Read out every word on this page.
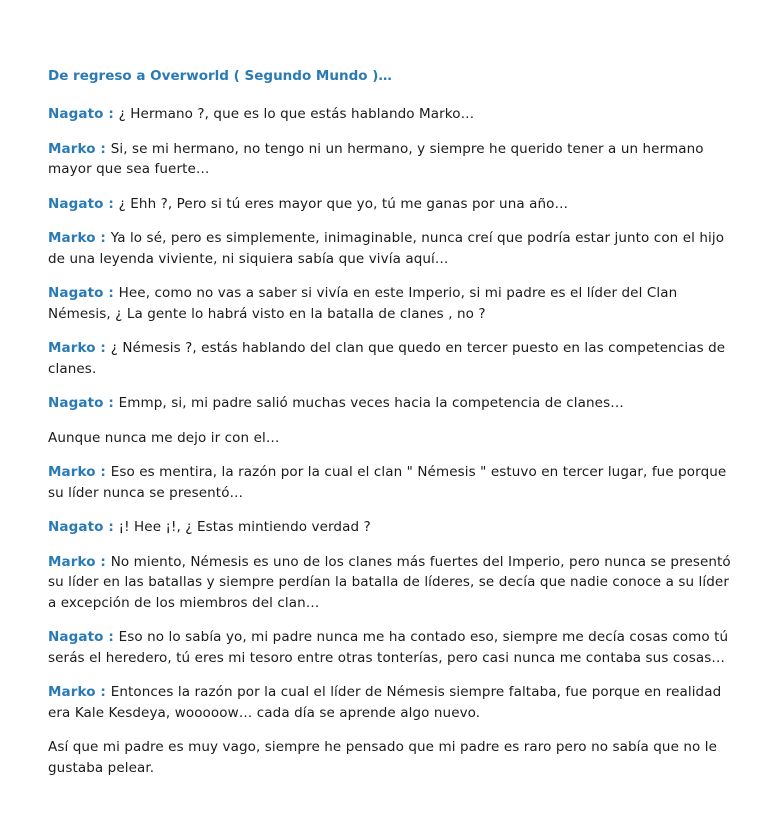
De regreso a Overworld ( Segundo Mundo )…

Nagato : ¿ Hermano ?, que es lo que estás hablando Marko…

Marko : Si, se mi hermano, no tengo ni un hermano, y siempre he querido tener a un hermano mayor que sea fuerte…

Nagato : ¿ Ehh ?, Pero si tú eres mayor que yo, tú me ganas por una año…

Marko : Ya lo sé, pero es simplemente, inimaginable, nunca creí que podría estar junto con el hijo de una leyenda viviente, ni siquiera sabía que vivía aquí…

Nagato : Hee, como no vas a saber si vivía en este Imperio, si mi padre es el líder del Clan Némesis, ¿ La gente lo habrá visto en la batalla de clanes , no ?

Marko : ¿ Némesis ?, estás hablando del clan que quedo en tercer puesto en las competencias de clanes.

Nagato : Emmp, si, mi padre salió muchas veces hacia la competencia de clanes…

Aunque nunca me dejo ir con el…

Marko : Eso es mentira, la razón por la cual el clan " Némesis " estuvo en tercer lugar, fue porque su líder nunca se presentó…

Nagato : ¡! Hee ¡!, ¿ Estas mintiendo verdad ?

Marko : No miento, Némesis es uno de los clanes más fuertes del Imperio, pero nunca se presentó su líder en las batallas y siempre perdían la batalla de líderes, se decía que nadie conoce a su líder a excepción de los miembros del clan…

Nagato : Eso no lo sabía yo, mi padre nunca me ha contado eso, siempre me decía cosas como tú serás el heredero, tú eres mi tesoro entre otras tonterías, pero casi nunca me contaba sus cosas…

Marko : Entonces la razón por la cual el líder de Némesis siempre faltaba, fue porque en realidad era Kale Kesdeya, wooooow… cada día se aprende algo nuevo.

Así que mi padre es muy vago, siempre he pensado que mi padre es raro pero no sabía que no le gustaba pelear.
